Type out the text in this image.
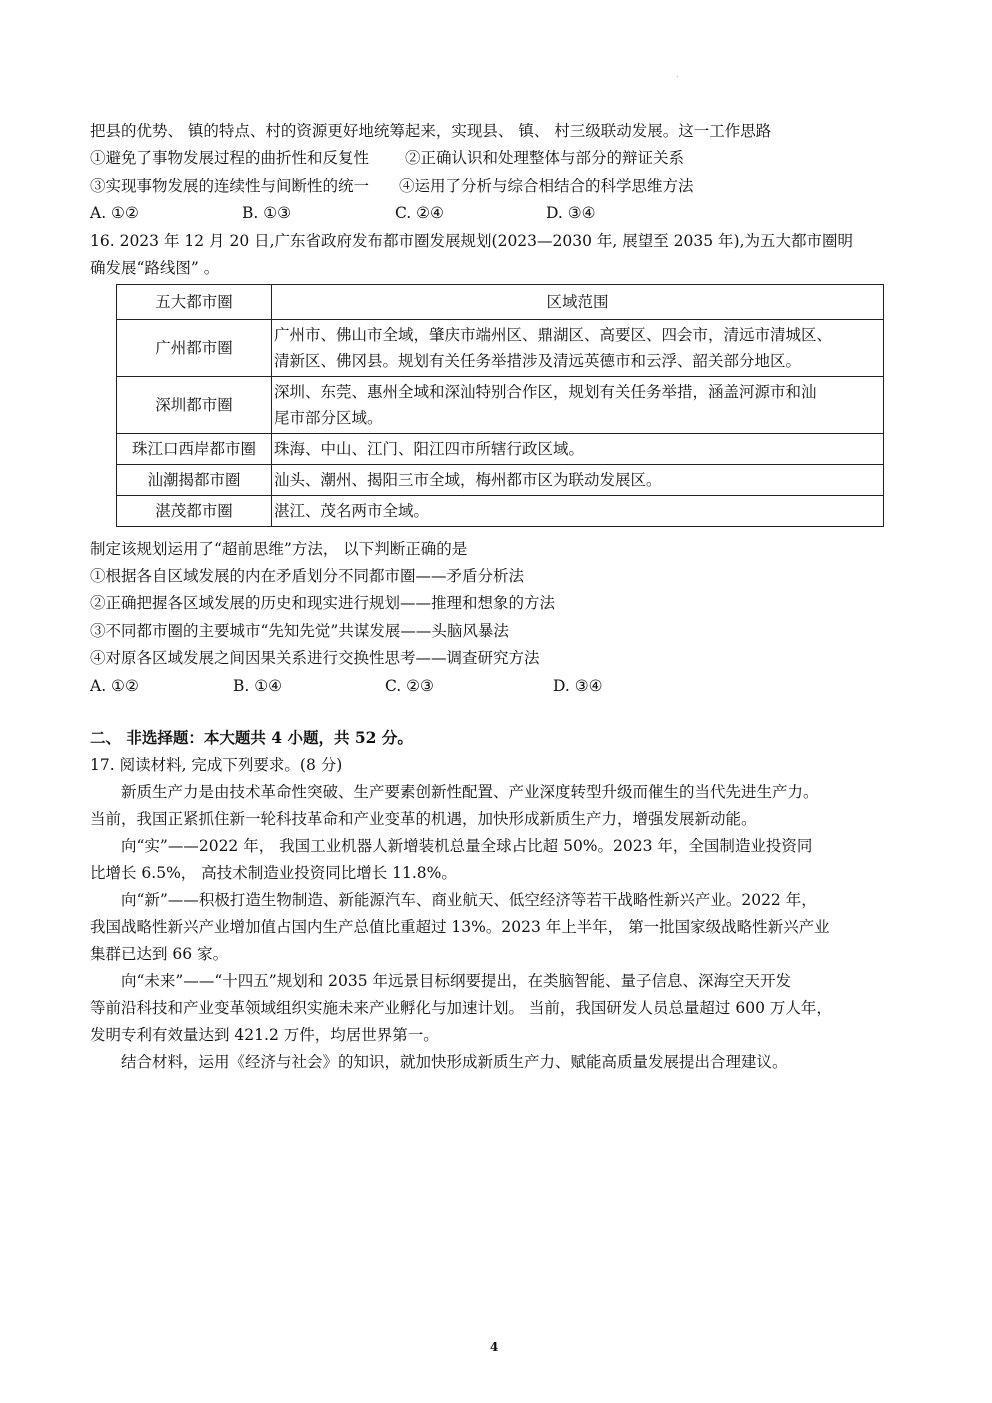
.
把县的优势、 镇的特点、村的资源更好地统筹起来，实现县、 镇、 村三级联动发展。这一工作思路
①避免了事物发展过程的曲折性和反复性 ②正确认识和处理整体与部分的辩证关系
③实现事物发展的连续性与间断性的统一 ④运用了分析与综合相结合的科学思维方法
A. ①②	B. ①③	C. ②④	D. ③④
16. 2023 年 12 月 20 日,广东省政府发布都市圈发展规划(2023—2030 年, 展望至 2035 年),为五大都市圈明
确发展“路线图” 。
五大都市圈	区域范围
广州都市圈	广州市、佛山市全域，肇庆市端州区、鼎湖区、高要区、四会市，清远市清城区、
清新区、佛冈县。规划有关任务举措涉及清远英德市和云浮、韶关部分地区。

深圳都市圈	深圳、东莞、惠州全域和深汕特别合作区，规划有关任务举措，涵盖河源市和汕
尾市部分区域。

珠江口西岸都市圈	珠海、中山、江门、阳江四市所辖行政区域。
汕潮揭都市圈	汕头、潮州、揭阳三市全域，梅州都市区为联动发展区。
湛茂都市圈	湛江、茂名两市全域。
制定该规划运用了“超前思维”方法， 以下判断正确的是
①根据各自区域发展的内在矛盾划分不同都市圈——矛盾分析法
②正确把握各区域发展的历史和现实进行规划——推理和想象的方法
③不同都市圈的主要城市“先知先觉”共谋发展——头脑风暴法
④对原各区域发展之间因果关系进行交换性思考——调查研究方法
A. ①②	B. ①④	C. ②③	D. ③④
二、 非选择题：本大题共 4 小题，共 52 分。
17. 阅读材料, 完成下列要求。(8 分)
新质生产力是由技术革命性突破、生产要素创新性配置、产业深度转型升级而催生的当代先进生产力。
当前，我国正紧抓住新一轮科技革命和产业变革的机遇，加快形成新质生产力，增强发展新动能。
向“实”——2022 年， 我国工业机器人新增装机总量全球占比超 50%。2023 年，全国制造业投资同
比增长 6.5%， 高技术制造业投资同比增长 11.8%。
向“新”——积极打造生物制造、新能源汽车、商业航天、低空经济等若干战略性新兴产业。2022 年，
我国战略性新兴产业增加值占国内生产总值比重超过 13%。2023 年上半年， 第一批国家级战略性新兴产业
集群已达到 66 家。
向“未来”——“十四五”规划和 2035 年远景目标纲要提出，在类脑智能、量子信息、深海空天开发
等前沿科技和产业变革领域组织实施未来产业孵化与加速计划。 当前，我国研发人员总量超过 600 万人年，
发明专利有效量达到 421.2 万件，均居世界第一。
结合材料，运用《经济与社会》的知识，就加快形成新质生产力、赋能高质量发展提出合理建议。
4
